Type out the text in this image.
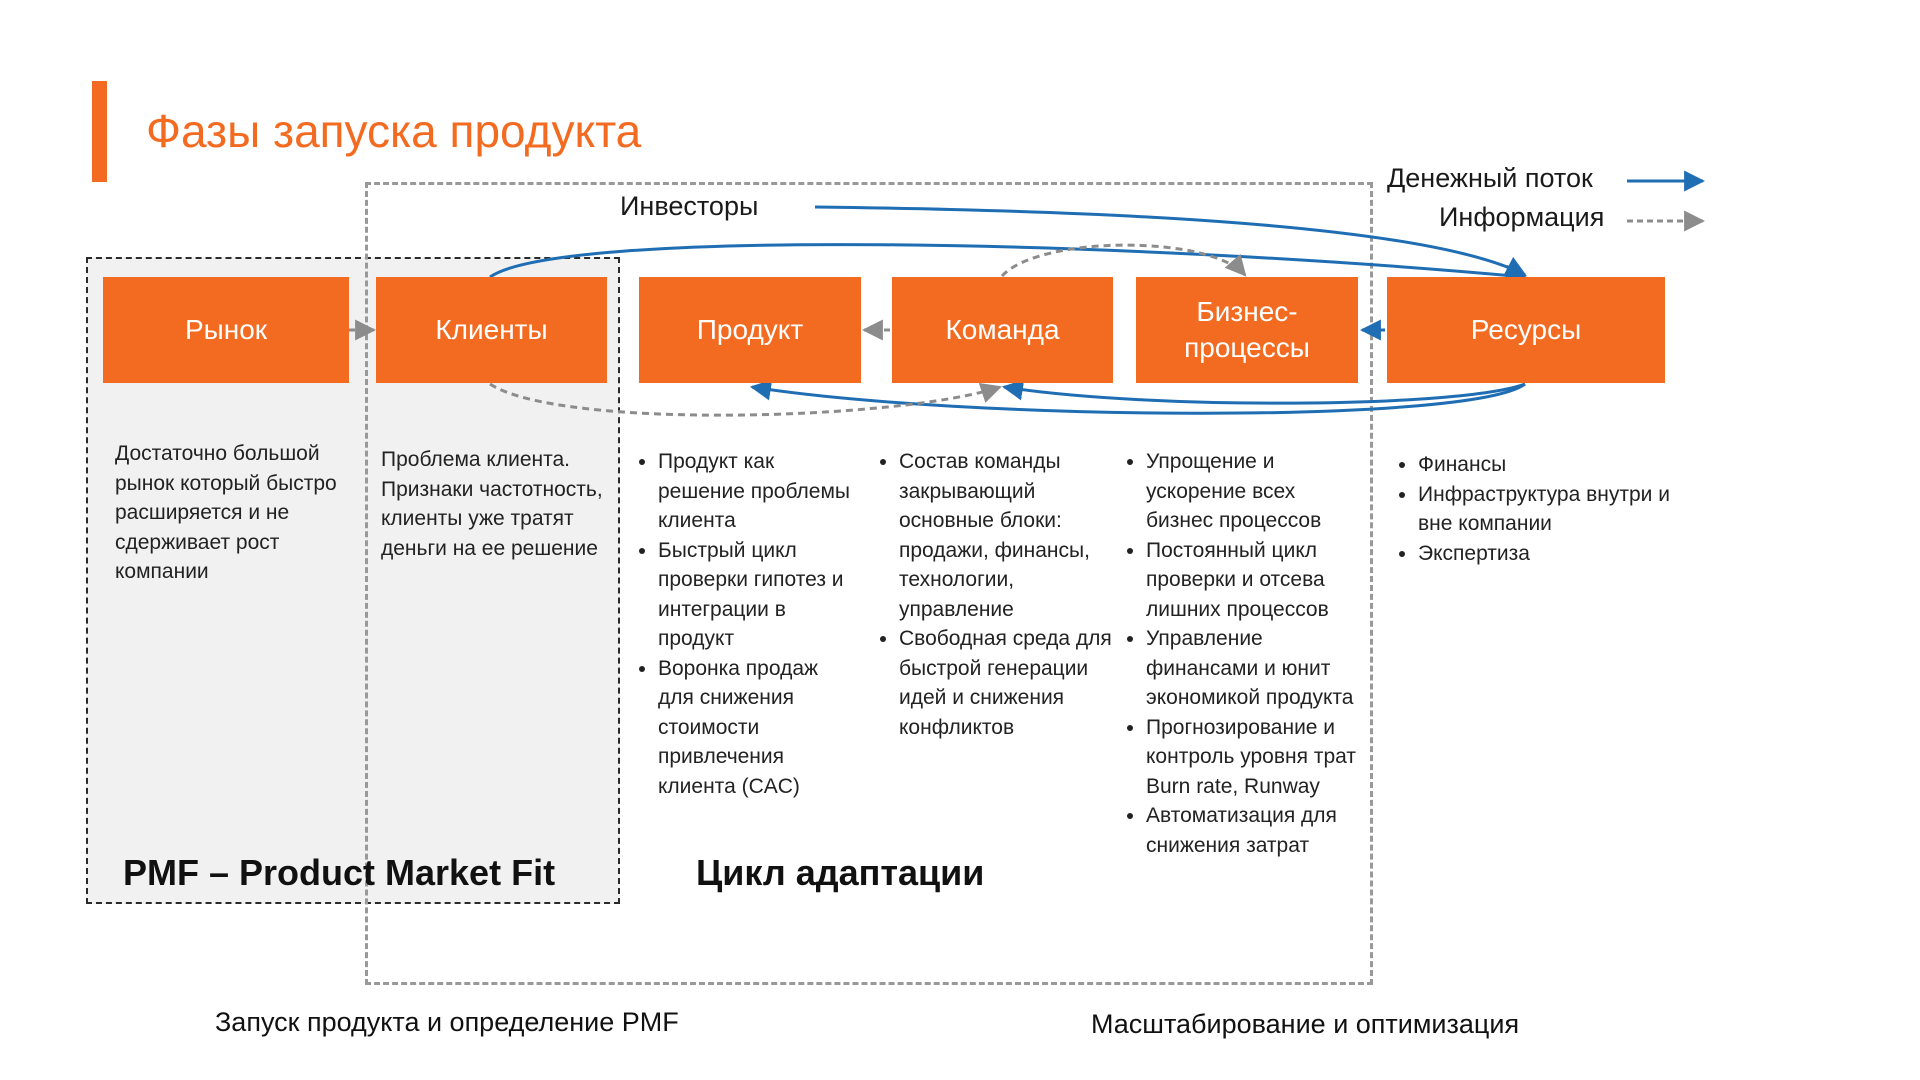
Фазы запуска продукта
Денежный поток
Информация
Инвесторы
Рынок	Клиенты	Продукт	Команда
Бизнес-
процессы
Ресурсы

Достаточно большой рынок который быстро расширяется и не сдерживает рост компании

Проблема клиента. Признаки частотность, клиенты уже тратят деньги на ее решение

• Продукт как решение проблемы клиента
• Быстрый цикл проверки гипотез и интеграции в продукт
• Воронка продаж для снижения стоимости привлечения клиента (CAC)
• Состав команды закрывающий основные блоки: продажи, финансы, технологии, управление
• Свободная среда для быстрой генерации идей и снижения конфликтов
• Упрощение и ускорение всех бизнес процессов
• Постоянный цикл проверки и отсева лишних процессов
• Управление финансами и юнит экономикой продукта
• Прогнозирование и контроль уровня трат Burn rate, Runway
• Автоматизация для снижения затрат
• Финансы
• Инфраструктура внутри и вне компании
• Экспертиза
PMF – Product Market Fit	Цикл адаптации
Запуск продукта и определение PMF	Масштабирование и оптимизация
